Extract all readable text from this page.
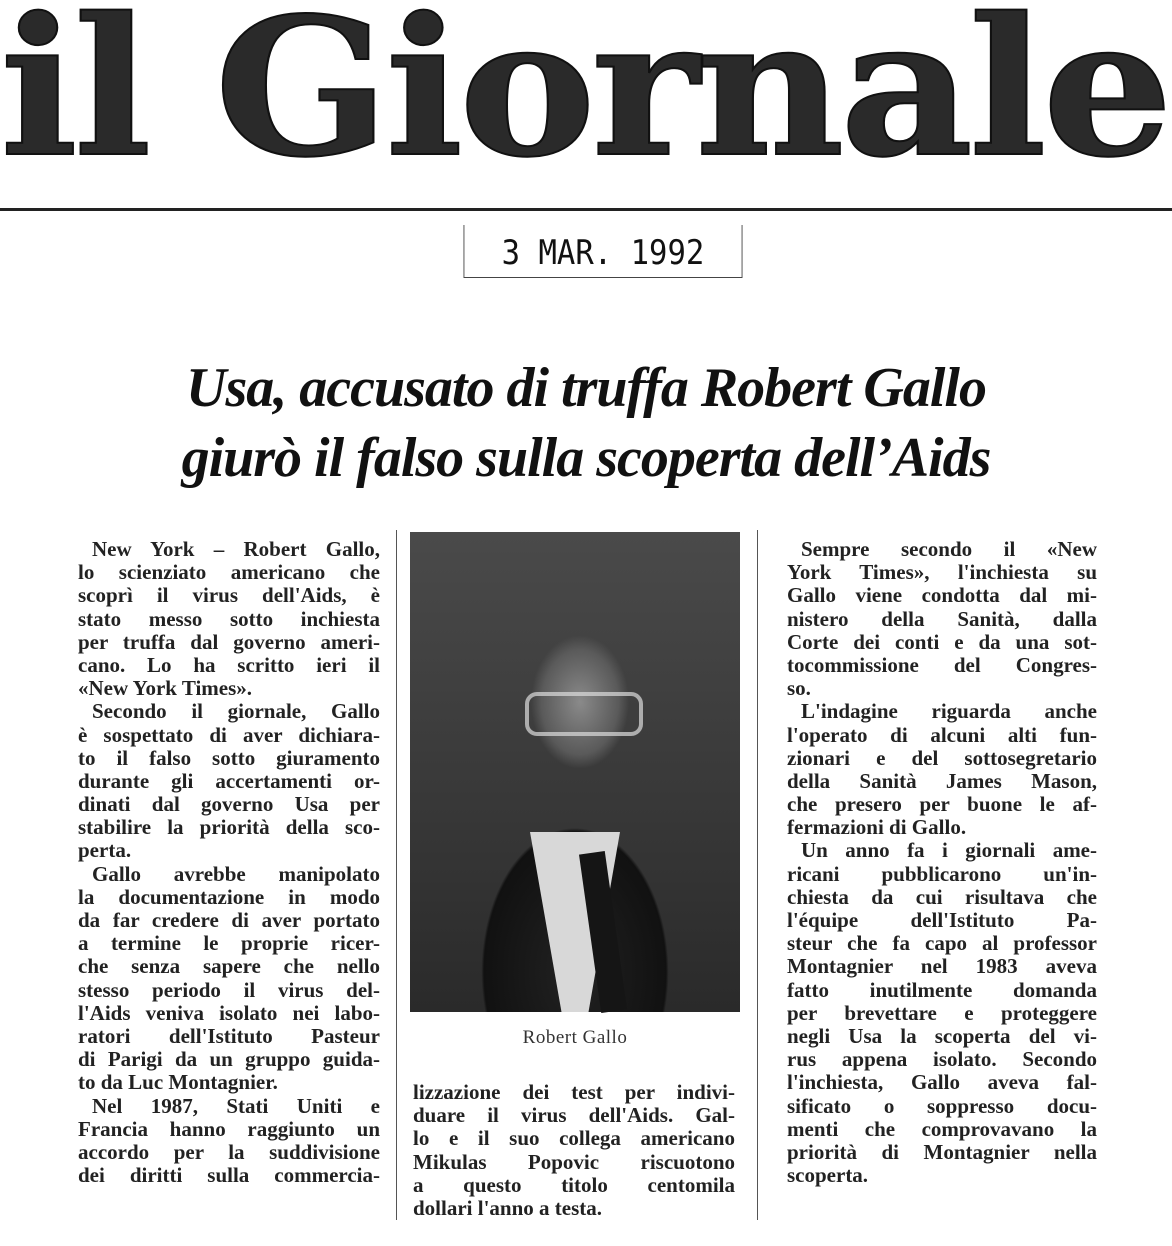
il Giornale
3 MAR. 1992
Usa, accusato di truffa Robert Gallo
giurò il falso sulla scoperta dell’Aids
New York – Robert Gallo,
lo scienziato americano che
scoprì il virus dell'Aids, è
stato messo sotto inchiesta
per truffa dal governo ameri-
cano. Lo ha scritto ieri il
«New York Times».
Secondo il giornale, Gallo
è sospettato di aver dichiara-
to il falso sotto giuramento
durante gli accertamenti or-
dinati dal governo Usa per
stabilire la priorità della sco-
perta.
Gallo avrebbe manipolato
la documentazione in modo
da far credere di aver portato
a termine le proprie ricer-
che senza sapere che nello
stesso periodo il virus del-
l'Aids veniva isolato nei labo-
ratori dell'Istituto Pasteur
di Parigi da un gruppo guida-
to da Luc Montagnier.
Nel 1987, Stati Uniti e
Francia hanno raggiunto un
accordo per la suddivisione
dei diritti sulla commercia-
Robert Gallo
lizzazione dei test per indivi-
duare il virus dell'Aids. Gal-
lo e il suo collega americano
Mikulas Popovic riscuotono
a questo titolo centomila
dollari l'anno a testa.
Sempre secondo il «New
York Times», l'inchiesta su
Gallo viene condotta dal mi-
nistero della Sanità, dalla
Corte dei conti e da una sot-
tocommissione del Congres-
so.
L'indagine riguarda anche
l'operato di alcuni alti fun-
zionari e del sottosegretario
della Sanità James Mason,
che presero per buone le af-
fermazioni di Gallo.
Un anno fa i giornali ame-
ricani pubblicarono un'in-
chiesta da cui risultava che
l'équipe dell'Istituto Pa-
steur che fa capo al professor
Montagnier nel 1983 aveva
fatto inutilmente domanda
per brevettare e proteggere
negli Usa la scoperta del vi-
rus appena isolato. Secondo
l'inchiesta, Gallo aveva fal-
sificato o soppresso docu-
menti che comprovavano la
priorità di Montagnier nella
scoperta.
